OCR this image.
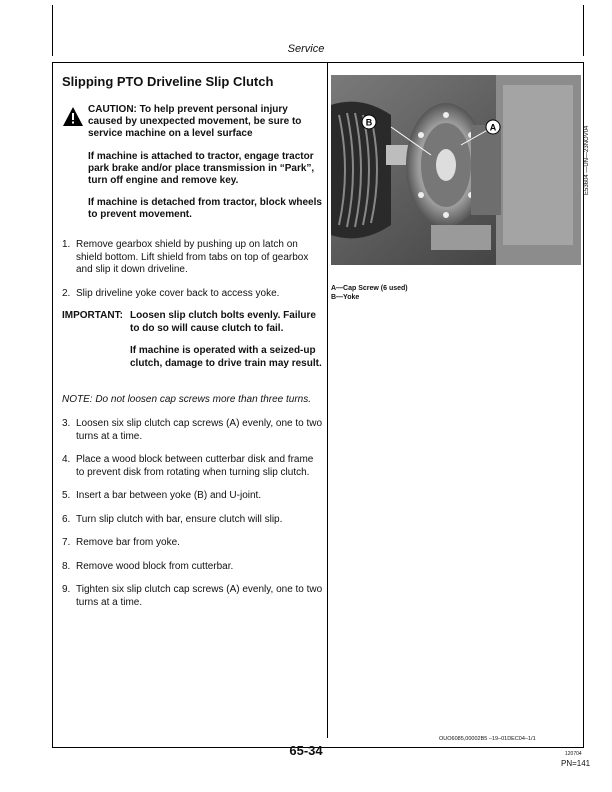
Service
Slipping PTO Driveline Slip Clutch

CAUTION: To help prevent personal injury caused by unexpected movement, be sure to service machine on a level surface

If machine is attached to tractor, engage tractor park brake and/or place transmission in “Park”, turn off engine and remove key.

If machine is detached from tractor, block wheels to prevent movement.

1. Remove gearbox shield by pushing up on latch on shield bottom. Lift shield from tabs on top of gearbox and slip it down driveline.
2. Slip driveline yoke cover back to access yoke.
IMPORTANT: Loosen slip clutch bolts evenly. Failure to do so will cause clutch to fail.

If machine is operated with a seized-up clutch, damage to drive train may result.

NOTE: Do not loosen cap screws more than three turns.
3. Loosen six slip clutch cap screws (A) evenly, one to two turns at a time.
4. Place a wood block between cutterbar disk and frame to prevent disk from rotating when turning slip clutch.
5. Insert a bar between yoke (B) and U-joint.
6. Turn slip clutch with bar, ensure clutch will slip.
7. Remove bar from yoke.
8. Remove wood block from cutterbar.
9. Tighten six slip clutch cap screws (A) evenly, one to two turns at a time.
B	A	E53604 —UN—23NOV04
A—Cap Screw (6 used)
B—Yoke
OUO6085,00002B5 –19–01DEC04–1/1
65-34	120704
PN=141
